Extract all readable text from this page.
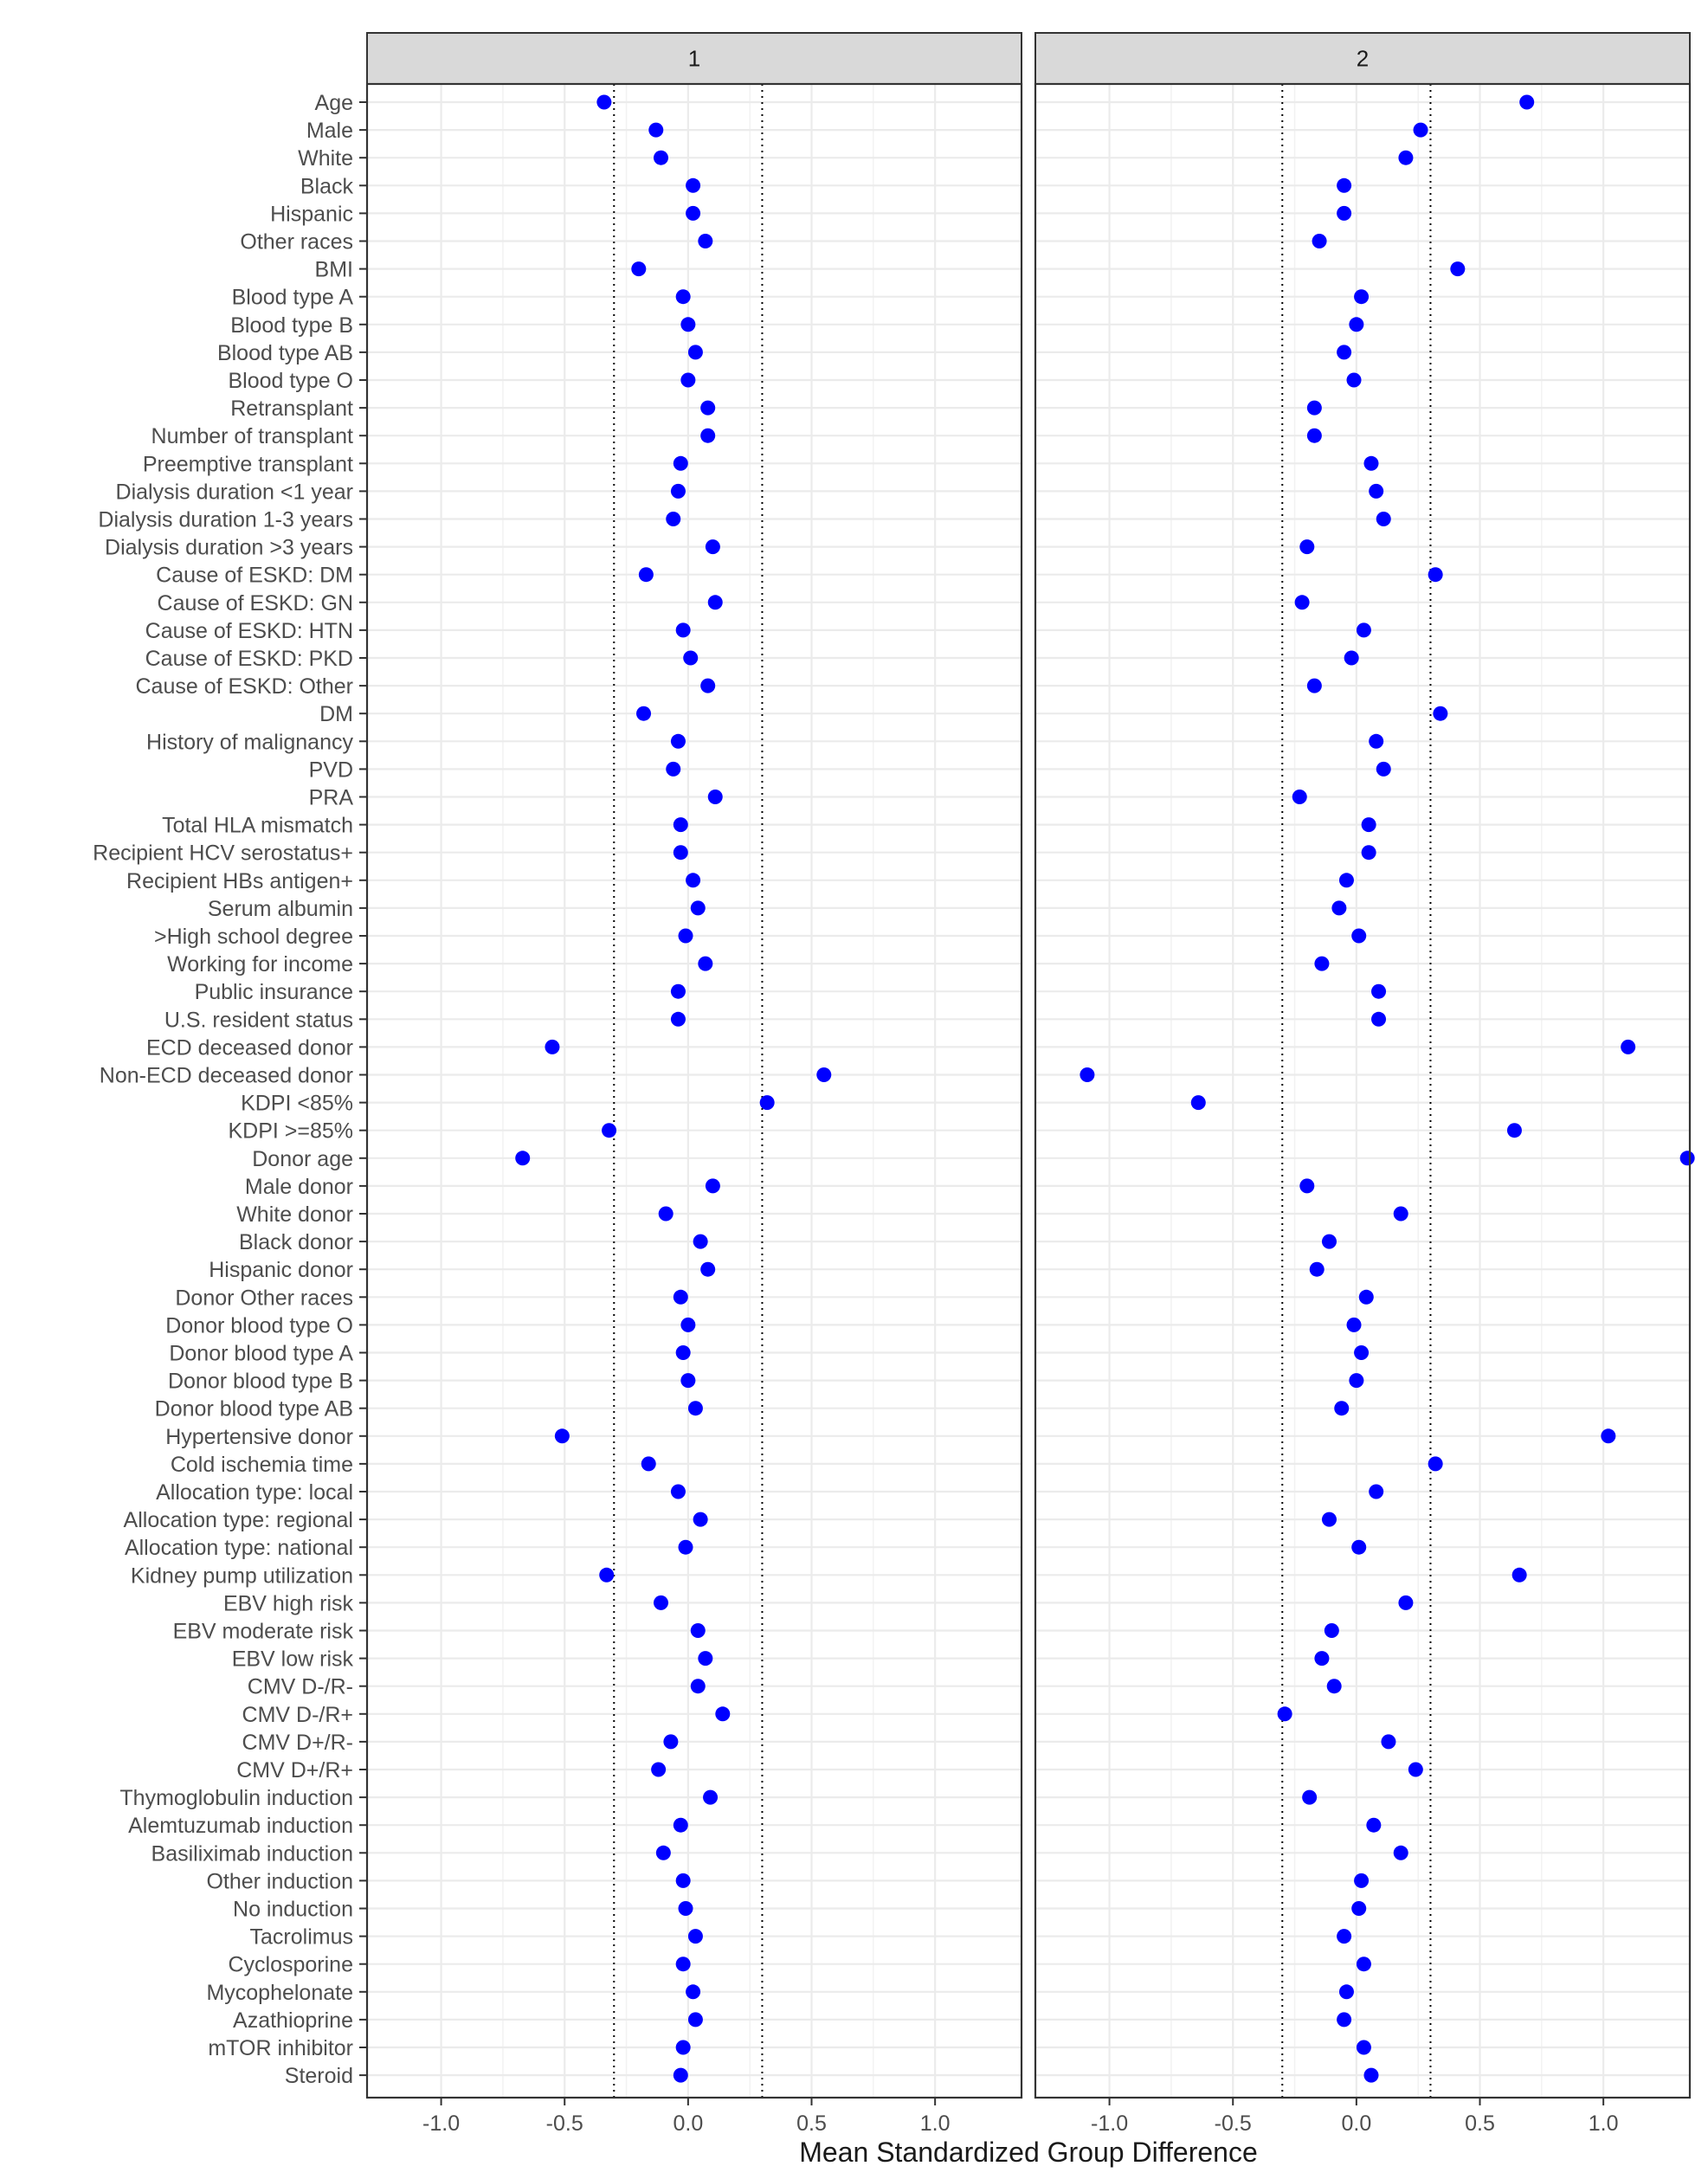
1
-1.0	-0.5	0.0	0.5	1.0
2
-1.0	-0.5	0.0	0.5	1.0
Age
Male
White
Black
Hispanic
Other races
BMI
Blood type A
Blood type B
Blood type AB
Blood type O
Retransplant
Number of transplant
Preemptive transplant
Dialysis duration <1 year
Dialysis duration 1-3 years
Dialysis duration >3 years
Cause of ESKD: DM
Cause of ESKD: GN
Cause of ESKD: HTN
Cause of ESKD: PKD
Cause of ESKD: Other
DM
History of malignancy
PVD
PRA
Total HLA mismatch
Recipient HCV serostatus+
Recipient HBs antigen+
Serum albumin
>High school degree
Working for income
Public insurance
U.S. resident status
ECD deceased donor
Non-ECD deceased donor
KDPI <85%
KDPI >=85%
Donor age
Male donor
White donor
Black donor
Hispanic donor
Donor Other races
Donor blood type O
Donor blood type A
Donor blood type B
Donor blood type AB
Hypertensive donor
Cold ischemia time
Allocation type: local
Allocation type: regional
Allocation type: national
Kidney pump utilization
EBV high risk
EBV moderate risk
EBV low risk
CMV D-/R-
CMV D-/R+
CMV D+/R-
CMV D+/R+
Thymoglobulin induction
Alemtuzumab induction
Basiliximab induction
Other induction
No induction
Tacrolimus
Cyclosporine
Mycophelonate
Azathioprine
mTOR inhibitor
Steroid
Mean Standardized Group Difference
